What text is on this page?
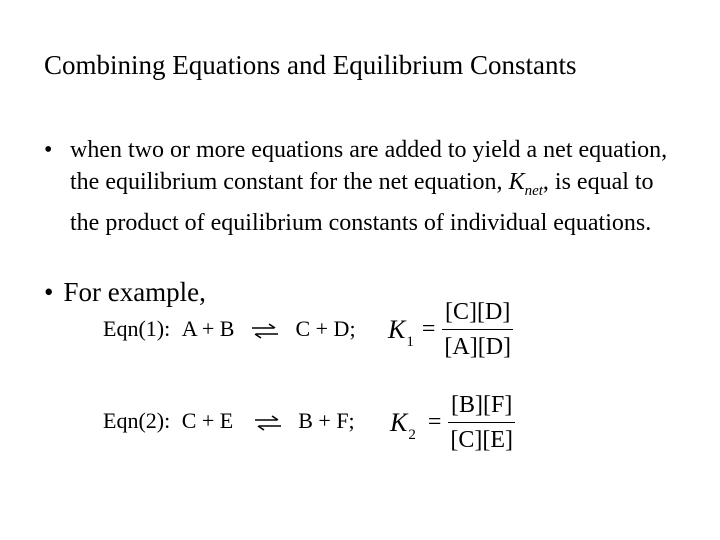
Combining Equations and Equilibrium Constants
• when two or more equations are added to yield a net equation, the equilibrium constant for the net equation, $K_{net}$, is equal to the product of equilibrium constants of individual equations.
• For example,
Eqn(1): A + B ⇌ C + D; $K_1 = \frac{[C][D]}{[A][D]}$
Eqn(2): C + E ⇌ B + F; $K_2 = \frac{[B][F]}{[C][E]}$
